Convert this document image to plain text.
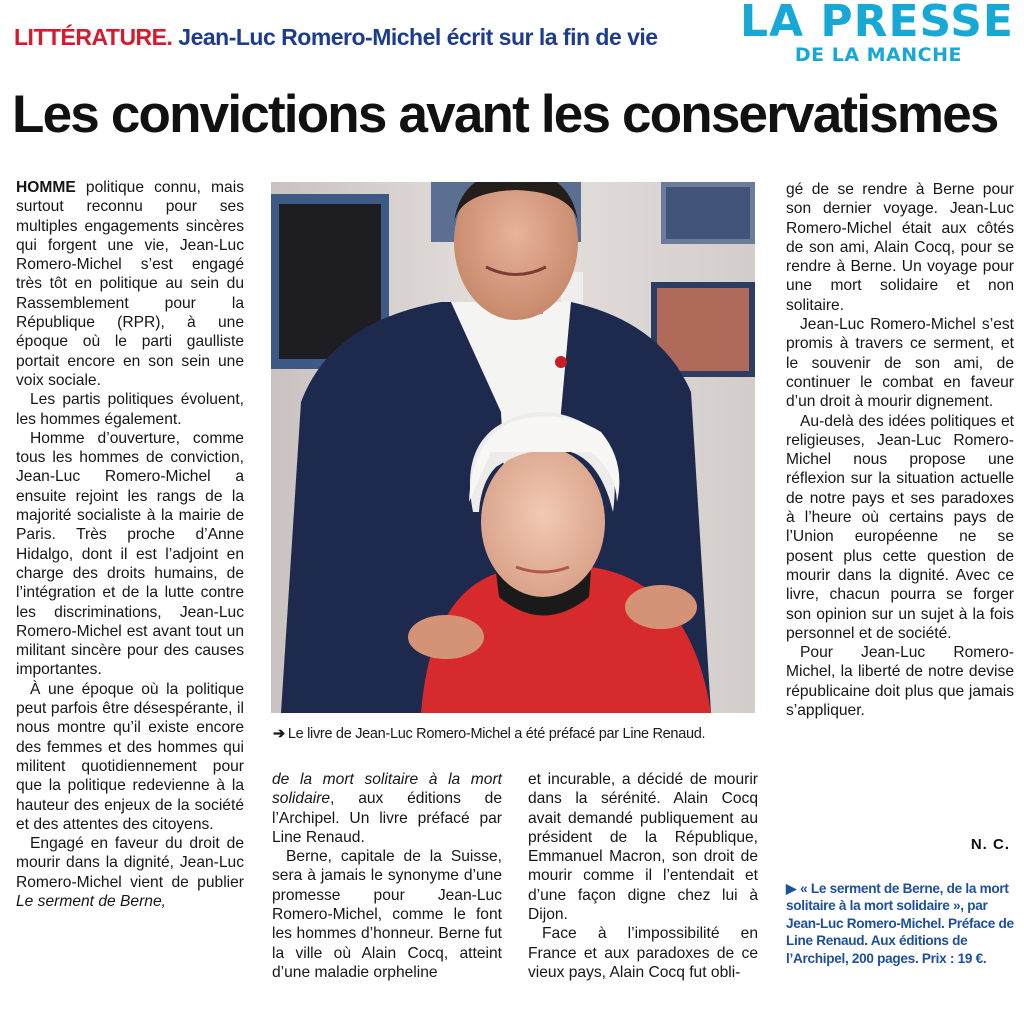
LITTÉRATURE. Jean-Luc Romero-Michel écrit sur la fin de vie LA PRESSE
DE LA MANCHE
Les convictions avant les conservatismes

HOMME politique connu, mais surtout reconnu pour ses multiples engagements sincères qui forgent une vie, Jean-Luc Romero-Michel s’est engagé très tôt en politique au sein du Rassemblement pour la République (RPR), à une époque où le parti gaulliste portait encore en son sein une voix sociale.

Les partis politiques évoluent, les hommes également.

Homme d’ouverture, comme tous les hommes de conviction, Jean-Luc Romero-Michel a ensuite rejoint les rangs de la majorité socialiste à la mairie de Paris. Très proche d’Anne Hidalgo, dont il est l’adjoint en charge des droits humains, de l’intégration et de la lutte contre les discriminations, Jean-Luc Romero-Michel est avant tout un militant sincère pour des causes importantes.

À une époque où la politique peut parfois être désespérante, il nous montre qu’il existe encore des femmes et des hommes qui militent quotidiennement pour que la politique redevienne à la hauteur des enjeux de la société et des attentes des citoyens.

Engagé en faveur du droit de mourir dans la dignité, Jean-Luc Romero-Michel vient de publier Le serment de Berne,

➔ Le livre de Jean-Luc Romero-Michel a été préfacé par Line Renaud.

de la mort solitaire à la mort solidaire, aux éditions de l’Archipel. Un livre préfacé par Line Renaud.

Berne, capitale de la Suisse, sera à jamais le synonyme d’une promesse pour Jean-Luc Romero-Michel, comme le font les hommes d’honneur. Berne fut la ville où Alain Cocq, atteint d’une maladie orpheline

et incurable, a décidé de mourir dans la sérénité. Alain Cocq avait demandé publiquement au président de la République, Emmanuel Macron, son droit de mourir comme il l’entendait et d’une façon digne chez lui à Dijon.

Face à l’impossibilité en France et aux paradoxes de ce vieux pays, Alain Cocq fut obli-

gé de se rendre à Berne pour son dernier voyage. Jean-Luc Romero-Michel était aux côtés de son ami, Alain Cocq, pour se rendre à Berne. Un voyage pour une mort solidaire et non solitaire.

Jean-Luc Romero-Michel s’est promis à travers ce serment, et le souvenir de son ami, de continuer le combat en faveur d’un droit à mourir dignement.

Au-delà des idées politiques et religieuses, Jean-Luc Romero-Michel nous propose une réflexion sur la situation actuelle de notre pays et ses paradoxes à l’heure où certains pays de l’Union européenne ne se posent plus cette question de mourir dans la dignité. Avec ce livre, chacun pourra se forger son opinion sur un sujet à la fois personnel et de société.

Pour Jean-Luc Romero-Michel, la liberté de notre devise républicaine doit plus que jamais s’appliquer.

N. C.
▶ « Le serment de Berne, de la mort solitaire à la mort solidaire », par Jean-Luc Romero-Michel. Préface de Line Renaud. Aux éditions de l’Archipel, 200 pages. Prix : 19 €.
